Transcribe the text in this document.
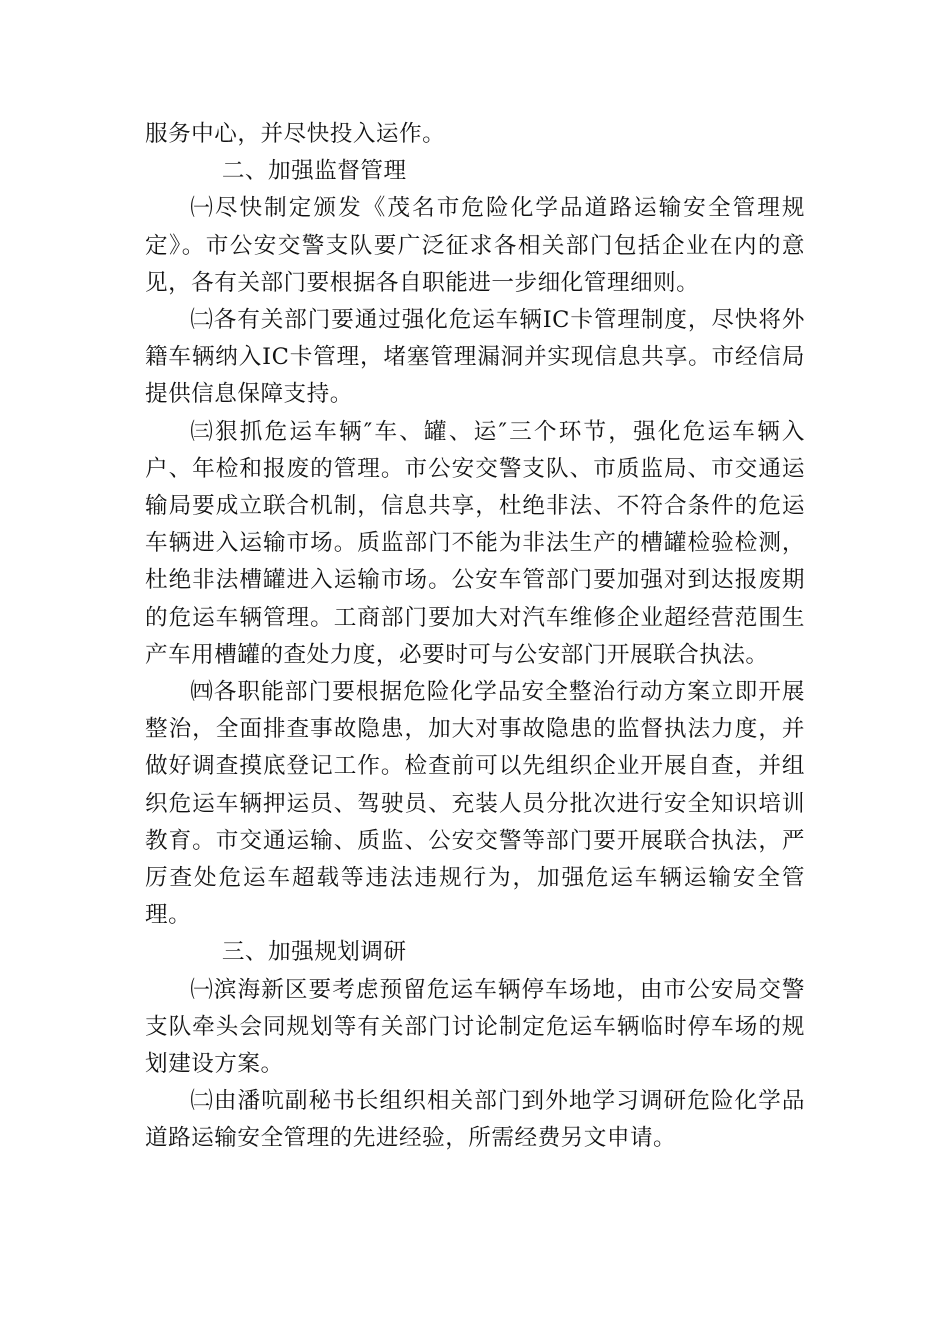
服务中心，并尽快投入运作。

二、加强监督管理

㈠尽快制定颁发《茂名市危险化学品道路运输安全管理规定》。市公安交警支队要广泛征求各相关部门包括企业在内的意见，各有关部门要根据各自职能进一步细化管理细则。

㈡各有关部门要通过强化危运车辆IC卡管理制度，尽快将外籍车辆纳入IC卡管理，堵塞管理漏洞并实现信息共享。市经信局提供信息保障支持。

㈢狠抓危运车辆″车、罐、运″三个环节，强化危运车辆入户、年检和报废的管理。市公安交警支队、市质监局、市交通运输局要成立联合机制，信息共享，杜绝非法、不符合条件的危运车辆进入运输市场。质监部门不能为非法生产的槽罐检验检测，杜绝非法槽罐进入运输市场。公安车管部门要加强对到达报废期的危运车辆管理。工商部门要加大对汽车维修企业超经营范围生产车用槽罐的查处力度，必要时可与公安部门开展联合执法。

㈣各职能部门要根据危险化学品安全整治行动方案立即开展整治，全面排查事故隐患，加大对事故隐患的监督执法力度，并做好调查摸底登记工作。检查前可以先组织企业开展自查，并组织危运车辆押运员、驾驶员、充装人员分批次进行安全知识培训教育。市交通运输、质监、公安交警等部门要开展联合执法，严厉查处危运车超载等违法违规行为，加强危运车辆运输安全管理。

三、加强规划调研

㈠滨海新区要考虑预留危运车辆停车场地，由市公安局交警支队牵头会同规划等有关部门讨论制定危运车辆临时停车场的规划建设方案。

㈡由潘吭副秘书长组织相关部门到外地学习调研危险化学品道路运输安全管理的先进经验，所需经费另文申请。
